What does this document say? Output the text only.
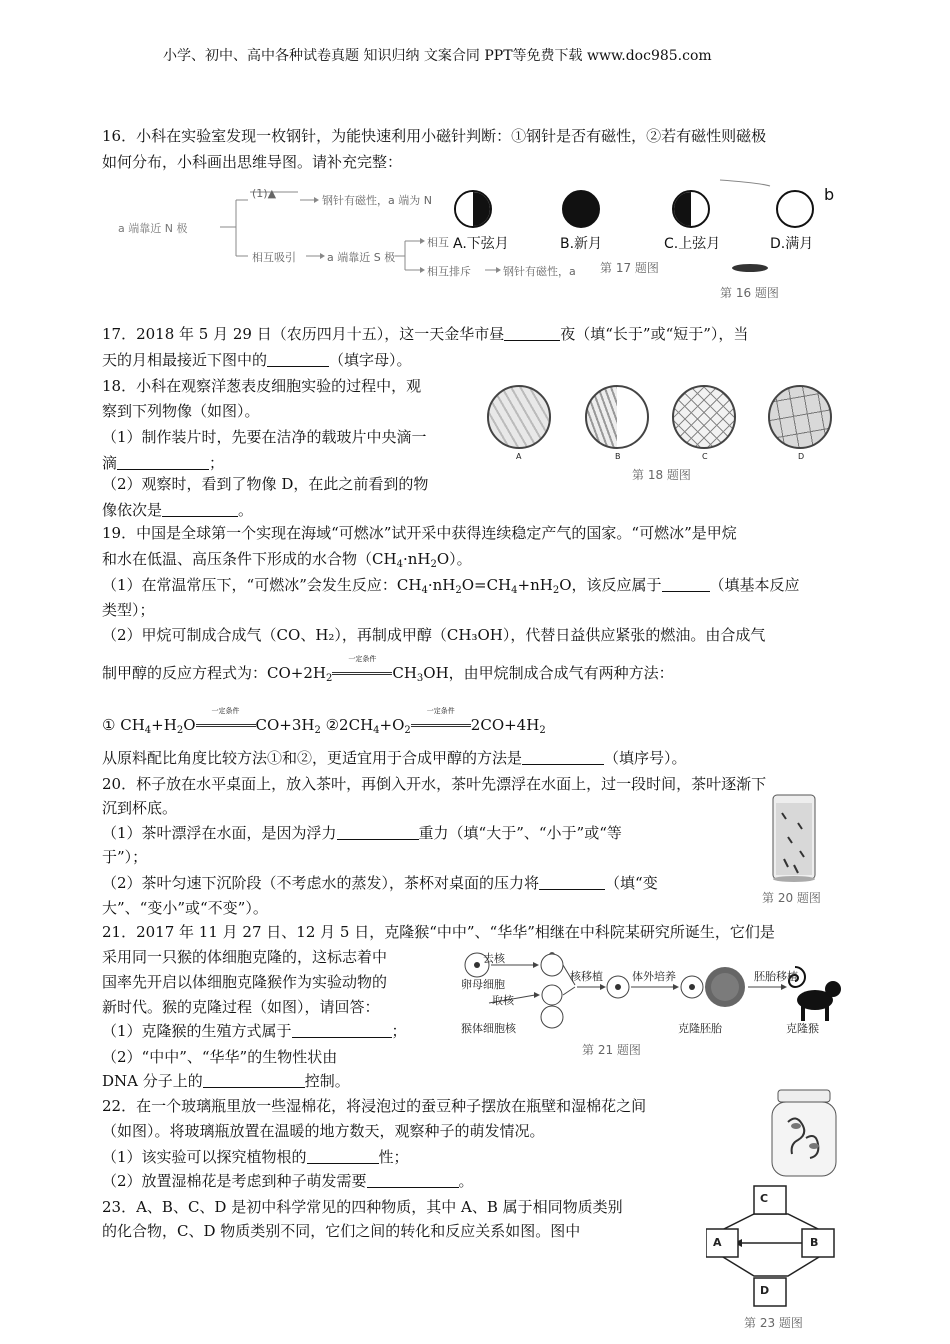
小学、初中、高中各种试卷真题 知识归纳 文案合同 PPT等免费下载 www.doc985.com
16．小科在实验室发现一枚钢针，为能快速利用小磁针判断：①钢针是否有磁性，②若有磁性则磁极
如何分布，小科画出思维导图。请补充完整：
a 端靠近 N 极
(1)▲
钢针有磁性，a 端为 N
相互吸引	a 端靠近 S 极
相互
相互排斥	钢针有磁性，a
A.下弦月	B.新月	C.上弦月	D.满月
b
第 17 题图
第 16 题图
17．2018 年 5 月 29 日（农历四月十五），这一天金华市昼	夜（填“长于”或“短于”），当
天的月相最接近下图中的	（填字母）。
18．小科在观察洋葱表皮细胞实验的过程中，观
察到下列物像（如图）。
（1）制作装片时，先要在洁净的载玻片中央滴一
滴	；
（2）观察时，看到了物像 D，在此之前看到的物
像依次是	。
A	B	C	D
第 18 题图
19．中国是全球第一个实现在海域“可燃冰”试开采中获得连续稳定产气的国家。“可燃冰”是甲烷
和水在低温、高压条件下形成的水合物$(CH_4\cdot nH_2O)$。
（1）在常温常压下，“可燃冰”会发生反应：$CH_4\cdot nH_2O=CH_4+nH_2O$，该反应属于	（填基本反应
类型）；
（2）甲烷可制成合成气（CO、H₂），再制成甲醇（CH₃OH），代替日益供应紧张的燃油。由合成气
制甲醇的反应方程式为：$CO+2H_2$
一定条件
$CH_3OH$，由甲烷制成合成气有两种方法：
① $CH_4+H_2O$
一定条件
$CO+3H_2$ $②2CH_4+O_2$
一定条件
$2CO+4H_2$
从原料配比角度比较方法①和②，更适宜用于合成甲醇的方法是	（填序号）。
20．杯子放在水平桌面上，放入茶叶，再倒入开水，茶叶先漂浮在水面上，过一段时间，茶叶逐渐下
沉到杯底。
（1）茶叶漂浮在水面，是因为浮力	重力（填“大于”、“小于”或“等
于”）；
（2）茶叶匀速下沉阶段（不考虑水的蒸发），茶杯对桌面的压力将	（填“变
大”、“变小”或“不变”）。
第 20 题图
21．2017 年 11 月 27 日、12 月 5 日，克隆猴“中中”、“华华”相继在中科院某研究所诞生，它们是
采用同一只猴的体细胞克隆的，这标志着中
国率先开启以体细胞克隆猴作为实验动物的
新时代。猴的克隆过程（如图），请回答：
（1）克隆猴的生殖方式属于	；
（2）“中中”、“华华”的生物性状由
DNA 分子上的	控制。
去核
卵母细胞
取核
猴体细胞核
核移植	体外培养	胚胎移植
克隆胚胎	克隆猴
第 21 题图
22．在一个玻璃瓶里放一些湿棉花，将浸泡过的蚕豆种子摆放在瓶壁和湿棉花之间
（如图）。将玻璃瓶放置在温暖的地方数天，观察种子的萌发情况。
（1）该实验可以探究植物根的	性；
（2）放置湿棉花是考虑到种子萌发需要	。
23．A、B、C、D 是初中科学常见的四种物质，其中 A、B 属于相同物质类别
的化合物，C、D 物质类别不同，它们之间的转化和反应关系如图。图中
C
A	B
D
第 23 题图
